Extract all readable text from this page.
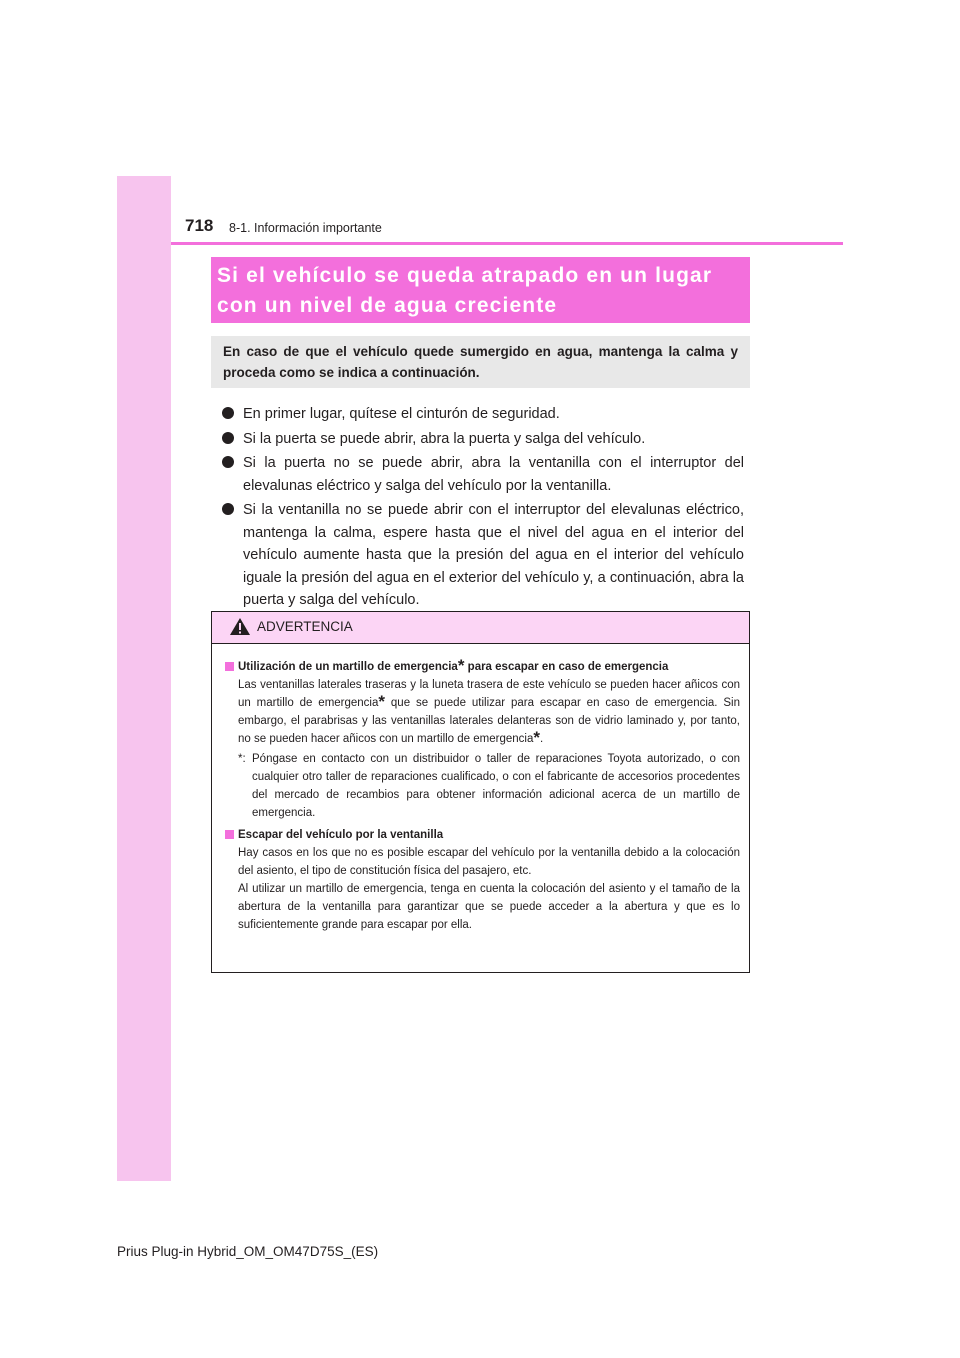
718 8-1. Información importante
Si el vehículo se queda atrapado en un lugar
con un nivel de agua creciente
En caso de que el vehículo quede sumergido en agua, mantenga la calma y proceda como se indica a continuación.
En primer lugar, quítese el cinturón de seguridad.
Si la puerta se puede abrir, abra la puerta y salga del vehículo.
Si la puerta no se puede abrir, abra la ventanilla con el interruptor del elevalunas eléctrico y salga del vehículo por la ventanilla.
Si la ventanilla no se puede abrir con el interruptor del elevalunas eléctrico, mantenga la calma, espere hasta que el nivel del agua en el interior del vehículo aumente hasta que la presión del agua en el interior del vehículo iguale la presión del agua en el exterior del vehículo y, a continuación, abra la puerta y salga del vehículo.
ADVERTENCIA
Utilización de un martillo de emergencia* para escapar en caso de emergencia
Las ventanillas laterales traseras y la luneta trasera de este vehículo se pueden hacer añicos con un martillo de emergencia* que se puede utilizar para escapar en caso de emergencia. Sin embargo, el parabrisas y las ventanillas laterales delanteras son de vidrio laminado y, por tanto, no se pueden hacer añicos con un martillo de emergencia*.
*: Póngase en contacto con un distribuidor o taller de reparaciones Toyota autorizado, o con cualquier otro taller de reparaciones cualificado, o con el fabricante de accesorios procedentes del mercado de recambios para obtener información adicional acerca de un martillo de emergencia.
Escapar del vehículo por la ventanilla
Hay casos en los que no es posible escapar del vehículo por la ventanilla debido a la colocación del asiento, el tipo de constitución física del pasajero, etc.
Al utilizar un martillo de emergencia, tenga en cuenta la colocación del asiento y el tamaño de la abertura de la ventanilla para garantizar que se puede acceder a la abertura y que es lo suficientemente grande para escapar por ella.
Prius Plug-in Hybrid_OM_OM47D75S_(ES)
